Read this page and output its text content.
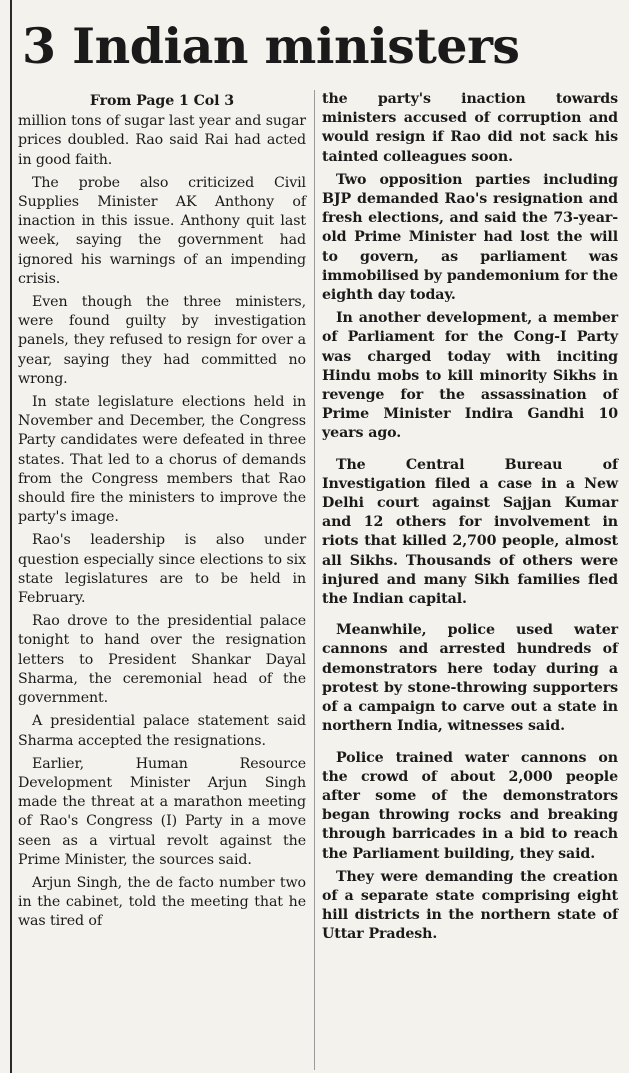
3 Indian ministers
From Page 1 Col 3

million tons of sugar last year and sugar prices doubled. Rao said Rai had acted in good faith.

The probe also criticized Civil Supplies Minister AK Anthony of inaction in this issue. Anthony quit last week, saying the government had ignored his warnings of an impending crisis.

Even though the three ministers, were found guilty by investigation panels, they refused to resign for over a year, saying they had committed no wrong.

In state legislature elections held in November and December, the Congress Party candidates were defeated in three states. That led to a chorus of demands from the Congress members that Rao should fire the ministers to improve the party's image.

Rao's leadership is also under question especially since elections to six state legislatures are to be held in February.

Rao drove to the presidential palace tonight to hand over the resignation letters to President Shankar Dayal Sharma, the ceremonial head of the government.

A presidential palace statement said Sharma accepted the resignations.

Earlier, Human Resource Development Minister Arjun Singh made the threat at a marathon meeting of Rao's Congress (I) Party in a move seen as a virtual revolt against the Prime Minister, the sources said.

Arjun Singh, the de facto number two in the cabinet, told the meeting that he was tired of

the party's inaction towards ministers accused of corruption and would resign if Rao did not sack his tainted colleagues soon.

Two opposition parties including BJP demanded Rao's resignation and fresh elections, and said the 73-year-old Prime Minister had lost the will to govern, as parliament was immobilised by pandemonium for the eighth day today.

In another development, a member of Parliament for the Cong-I Party was charged today with inciting Hindu mobs to kill minority Sikhs in revenge for the assassination of Prime Minister Indira Gandhi 10 years ago.

The Central Bureau of Investigation filed a case in a New Delhi court against Sajjan Kumar and 12 others for involvement in riots that killed 2,700 people, almost all Sikhs. Thousands of others were injured and many Sikh families fled the Indian capital.

Meanwhile, police used water cannons and arrested hundreds of demonstrators here today during a protest by stone-throwing supporters of a campaign to carve out a state in northern India, witnesses said.

Police trained water cannons on the crowd of about 2,000 people after some of the demonstrators began throwing rocks and breaking through barricades in a bid to reach the Parliament building, they said.

They were demanding the creation of a separate state comprising eight hill districts in the northern state of Uttar Pradesh.
